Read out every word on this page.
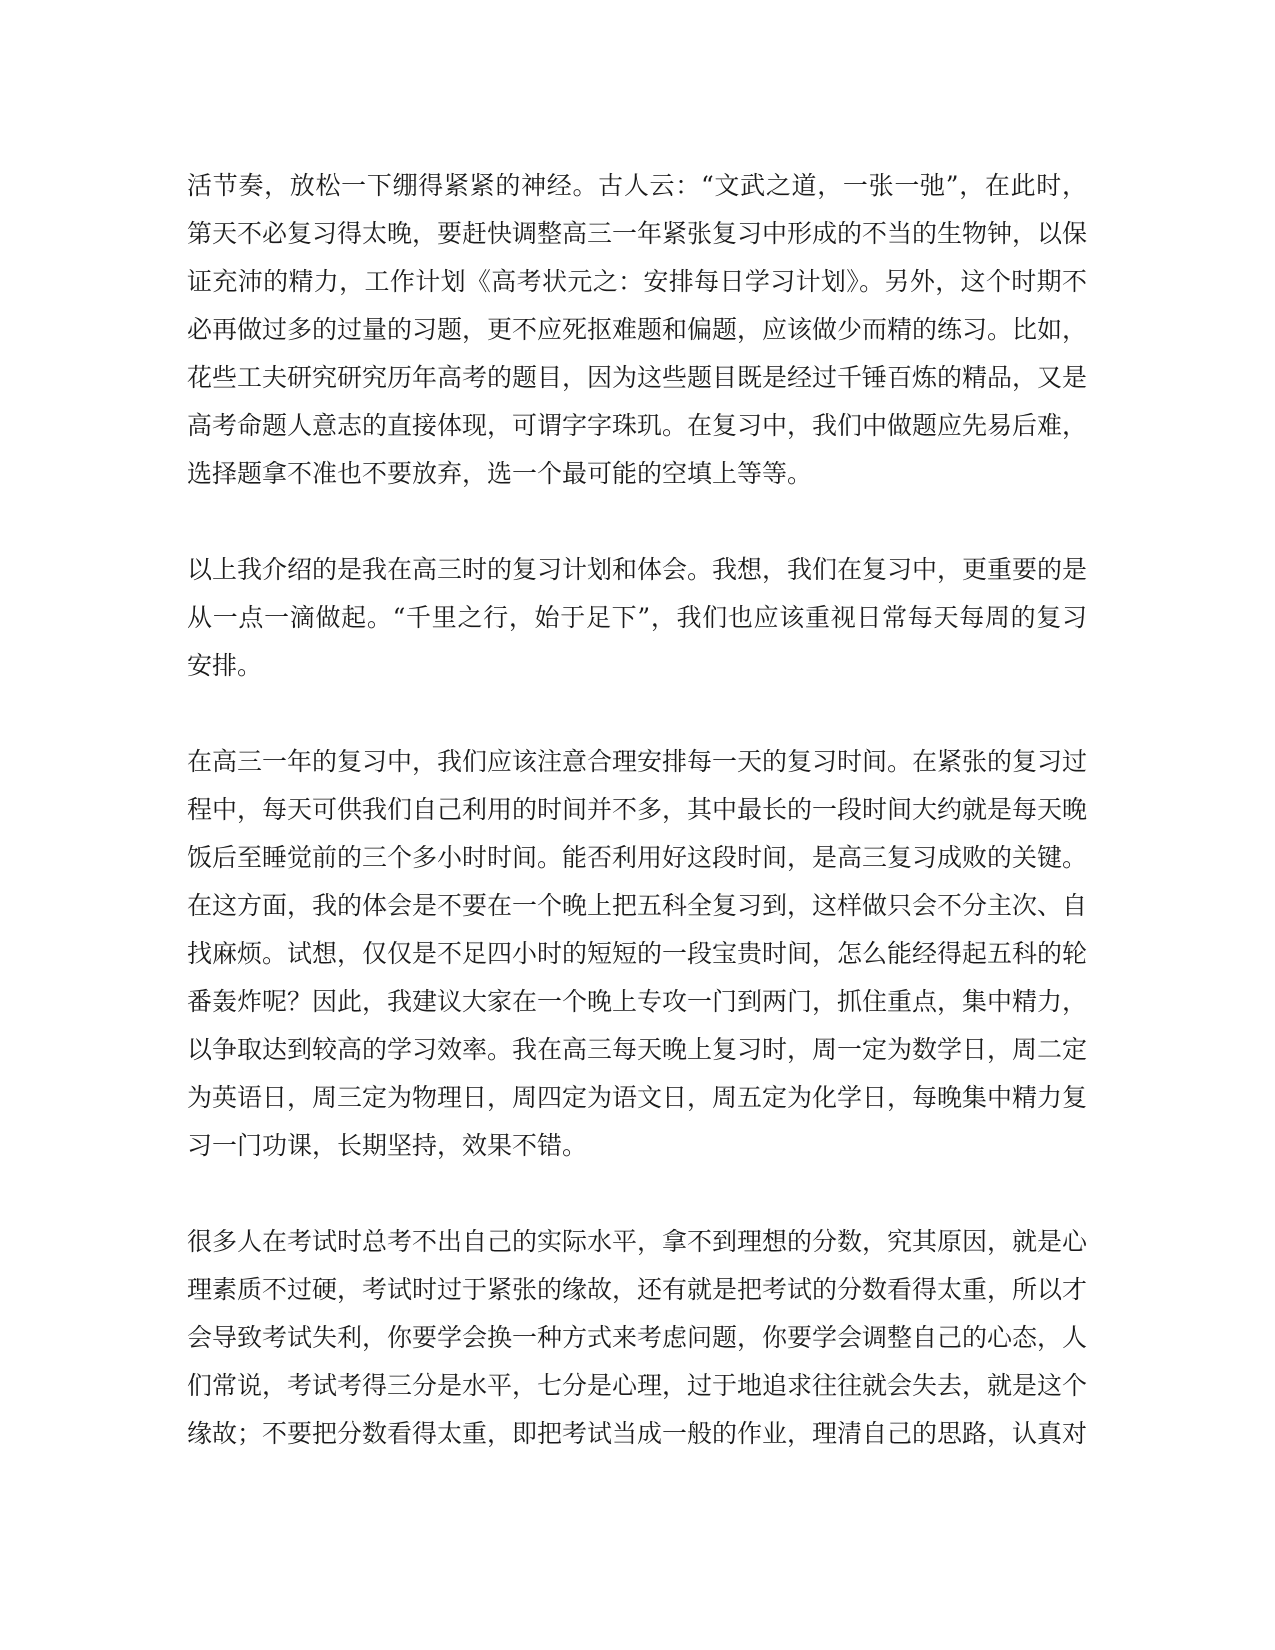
活节奏，放松一下绷得紧紧的神经。古人云：“文武之道，一张一弛”，在此时，
第天不必复习得太晚，要赶快调整高三一年紧张复习中形成的不当的生物钟，以保
证充沛的精力，工作计划《高考状元之：安排每日学习计划》。另外，这个时期不
必再做过多的过量的习题，更不应死抠难题和偏题，应该做少而精的练习。比如，
花些工夫研究研究历年高考的题目，因为这些题目既是经过千锤百炼的精品，又是
高考命题人意志的直接体现，可谓字字珠玑。在复习中，我们中做题应先易后难，
选择题拿不准也不要放弃，选一个最可能的空填上等等。
以上我介绍的是我在高三时的复习计划和体会。我想，我们在复习中，更重要的是
从一点一滴做起。“千里之行，始于足下”，我们也应该重视日常每天每周的复习
安排。
在高三一年的复习中，我们应该注意合理安排每一天的复习时间。在紧张的复习过
程中，每天可供我们自己利用的时间并不多，其中最长的一段时间大约就是每天晚
饭后至睡觉前的三个多小时时间。能否利用好这段时间，是高三复习成败的关键。
在这方面，我的体会是不要在一个晚上把五科全复习到，这样做只会不分主次、自
找麻烦。试想，仅仅是不足四小时的短短的一段宝贵时间，怎么能经得起五科的轮
番轰炸呢？因此，我建议大家在一个晚上专攻一门到两门，抓住重点，集中精力，
以争取达到较高的学习效率。我在高三每天晚上复习时，周一定为数学日，周二定
为英语日，周三定为物理日，周四定为语文日，周五定为化学日，每晚集中精力复
习一门功课，长期坚持，效果不错。
很多人在考试时总考不出自己的实际水平，拿不到理想的分数，究其原因，就是心
理素质不过硬，考试时过于紧张的缘故，还有就是把考试的分数看得太重，所以才
会导致考试失利，你要学会换一种方式来考虑问题，你要学会调整自己的心态，人
们常说，考试考得三分是水平，七分是心理，过于地追求往往就会失去，就是这个
缘故；不要把分数看得太重，即把考试当成一般的作业，理清自己的思路，认真对
